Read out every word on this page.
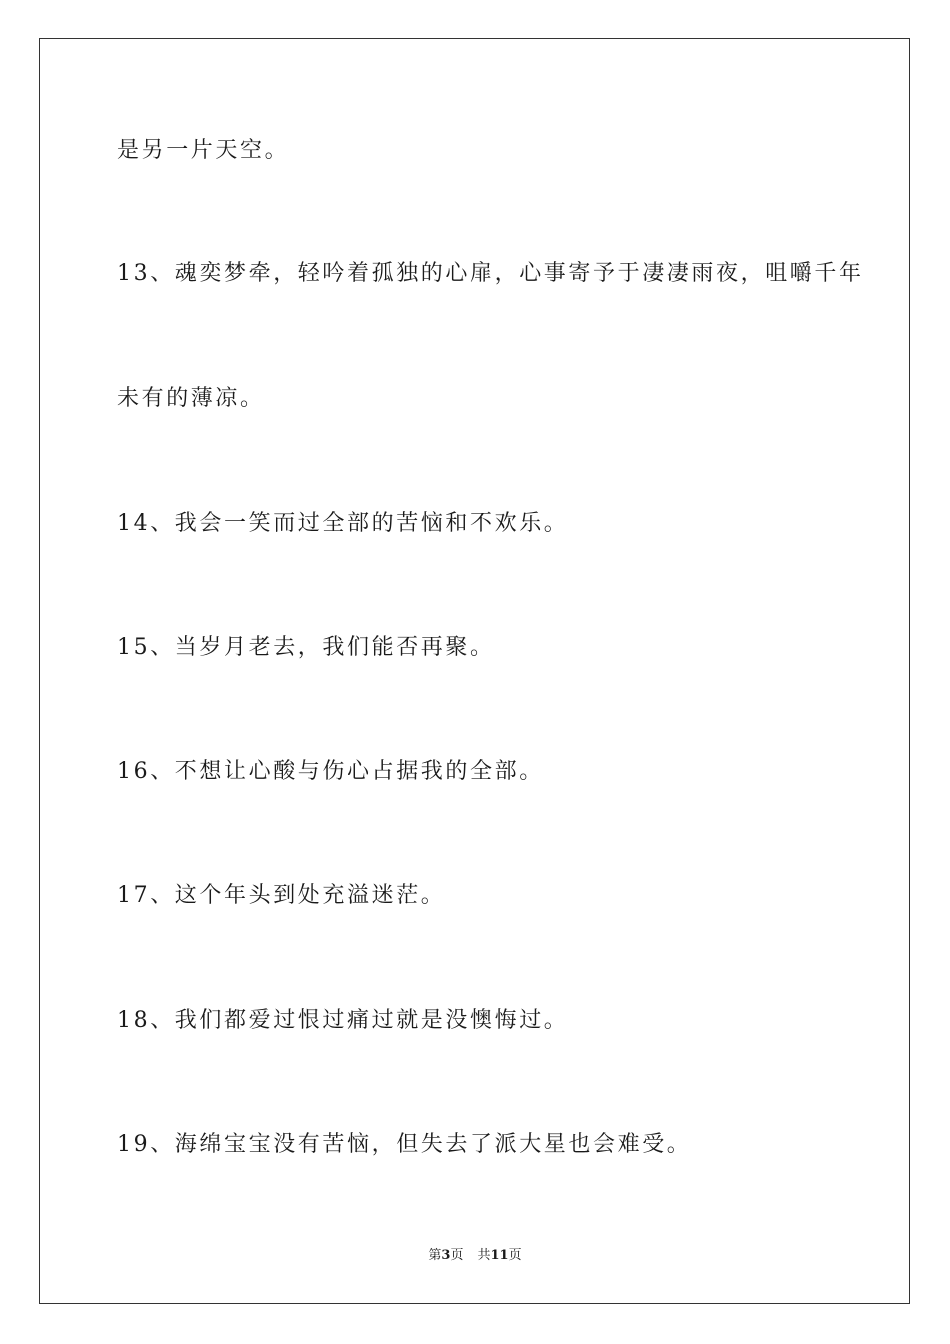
是另一片天空。
13、魂奕梦牵，轻吟着孤独的心扉，心事寄予于凄凄雨夜，咀嚼千年
未有的薄凉。
14、我会一笑而过全部的苦恼和不欢乐。
15、当岁月老去，我们能否再聚。
16、不想让心酸与伤心占据我的全部。
17、这个年头到处充溢迷茫。
18、我们都爱过恨过痛过就是没懊悔过。
19、海绵宝宝没有苦恼，但失去了派大星也会难受。
第3页 共11页
